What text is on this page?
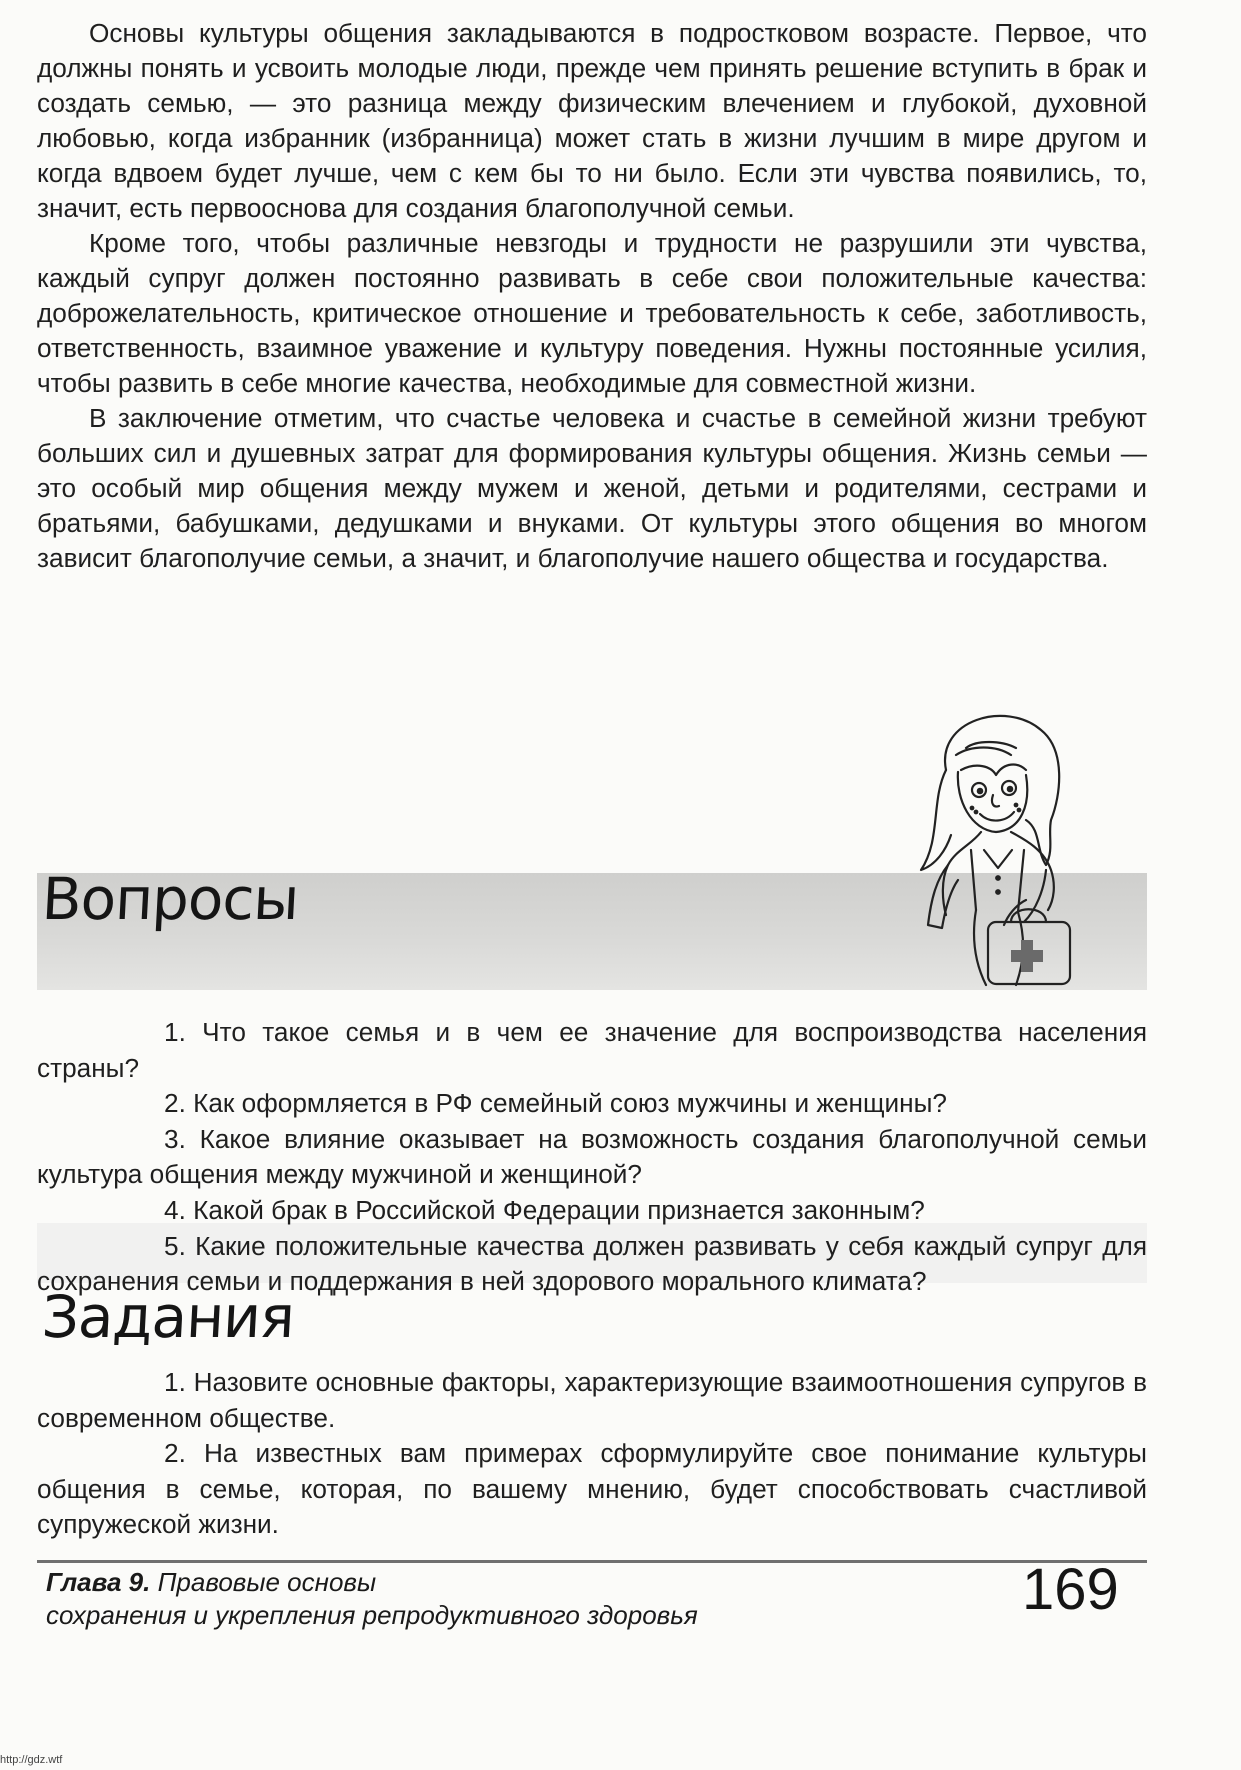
Основы культуры общения закладываются в подростковом возрасте. Первое, что должны понять и усвоить молодые люди, прежде чем принять решение вступить в брак и создать семью, — это разница между физическим влечением и глубокой, духовной любовью, когда избранник (избранница) может стать в жизни лучшим в мире другом и когда вдвоем будет лучше, чем с кем бы то ни было. Если эти чувства появились, то, значит, есть первооснова для создания благополучной семьи.

Кроме того, чтобы различные невзгоды и трудности не разрушили эти чувства, каждый супруг должен постоянно развивать в себе свои положительные качества: доброжелательность, критическое отношение и требовательность к себе, заботливость, ответственность, взаимное уважение и культуру поведения. Нужны постоянные усилия, чтобы развить в себе многие качества, необходимые для совместной жизни.

В заключение отметим, что счастье человека и счастье в семейной жизни требуют больших сил и душевных затрат для формирования культуры общения. Жизнь семьи — это особый мир общения между мужем и женой, детьми и родителями, сестрами и братьями, бабушками, дедушками и внуками. От культуры этого общения во многом зависит благополучие семьи, а значит, и благополучие нашего общества и государства.

Вопросы

1. Что такое семья и в чем ее значение для воспроизводства населения страны?

2. Как оформляется в РФ семейный союз мужчины и женщины?

3. Какое влияние оказывает на возможность создания благополучной семьи культура общения между мужчиной и женщиной?

4. Какой брак в Российской Федерации признается законным?

5. Какие положительные качества должен развивать у себя каждый супруг для сохранения семьи и поддержания в ней здорового морального климата?

Задания

1. Назовите основные факторы, характеризующие взаимоотношения супругов в современном обществе.

2. На известных вам примерах сформулируйте свое понимание культуры общения в семье, которая, по вашему мнению, будет способствовать счастливой супружеской жизни.

Глава 9. Правовые основы
сохранения и укрепления репродуктивного здоровья	169
http://gdz.wtf
